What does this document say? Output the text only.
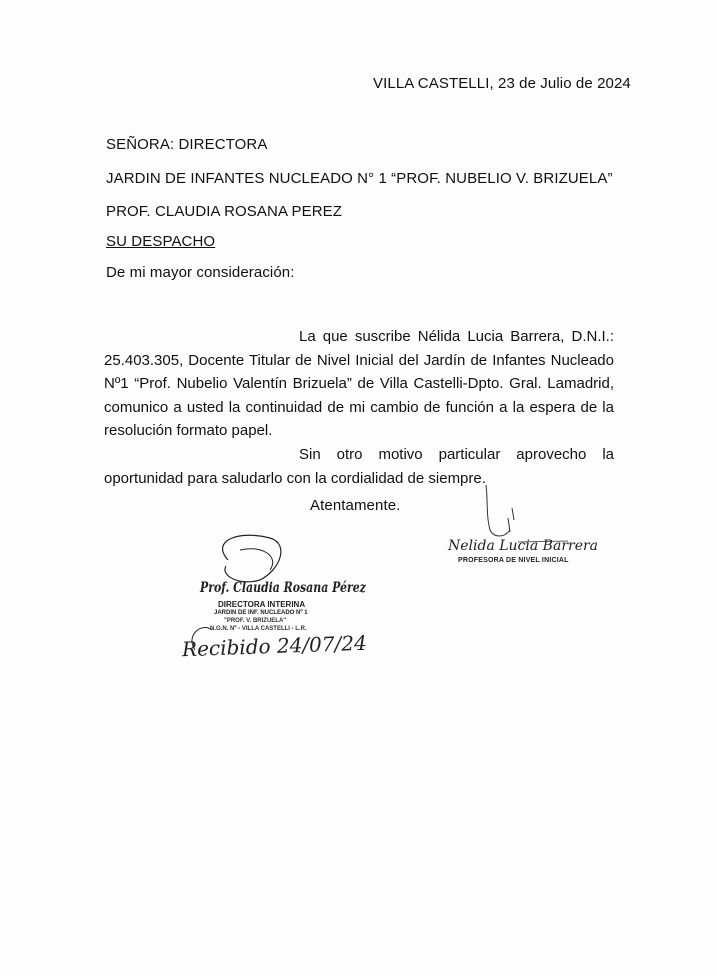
VILLA CASTELLI, 23 de Julio de 2024
SEÑORA: DIRECTORA
JARDIN DE INFANTES NUCLEADO N° 1 “PROF. NUBELIO V. BRIZUELA”
PROF. CLAUDIA ROSANA PEREZ
SU DESPACHO
De mi mayor consideración:
La que suscribe Nélida Lucia Barrera, D.N.I.: 25.403.305, Docente Titular de Nivel Inicial del Jardín de Infantes Nucleado Nº1 “Prof. Nubelio Valentín Brizuela” de Villa Castelli-Dpto. Gral. Lamadrid, comunico a usted la continuidad de mi cambio de función a la espera de la resolución formato papel.
Sin otro motivo particular aprovecho la oportunidad para saludarlo con la cordialidad de siempre.
Atentamente.
Nelida Lucia Barrera
PROFESORA DE NIVEL INICIAL
Prof. Claudia Rosana Pérez
DIRECTORA INTERINA
JARDIN DE INF. NUCLEADO Nº 1
"PROF. V. BRIZUELA"
N.G.N. Nº - VILLA CASTELLI - L.R.
Recibido 24/07/24
